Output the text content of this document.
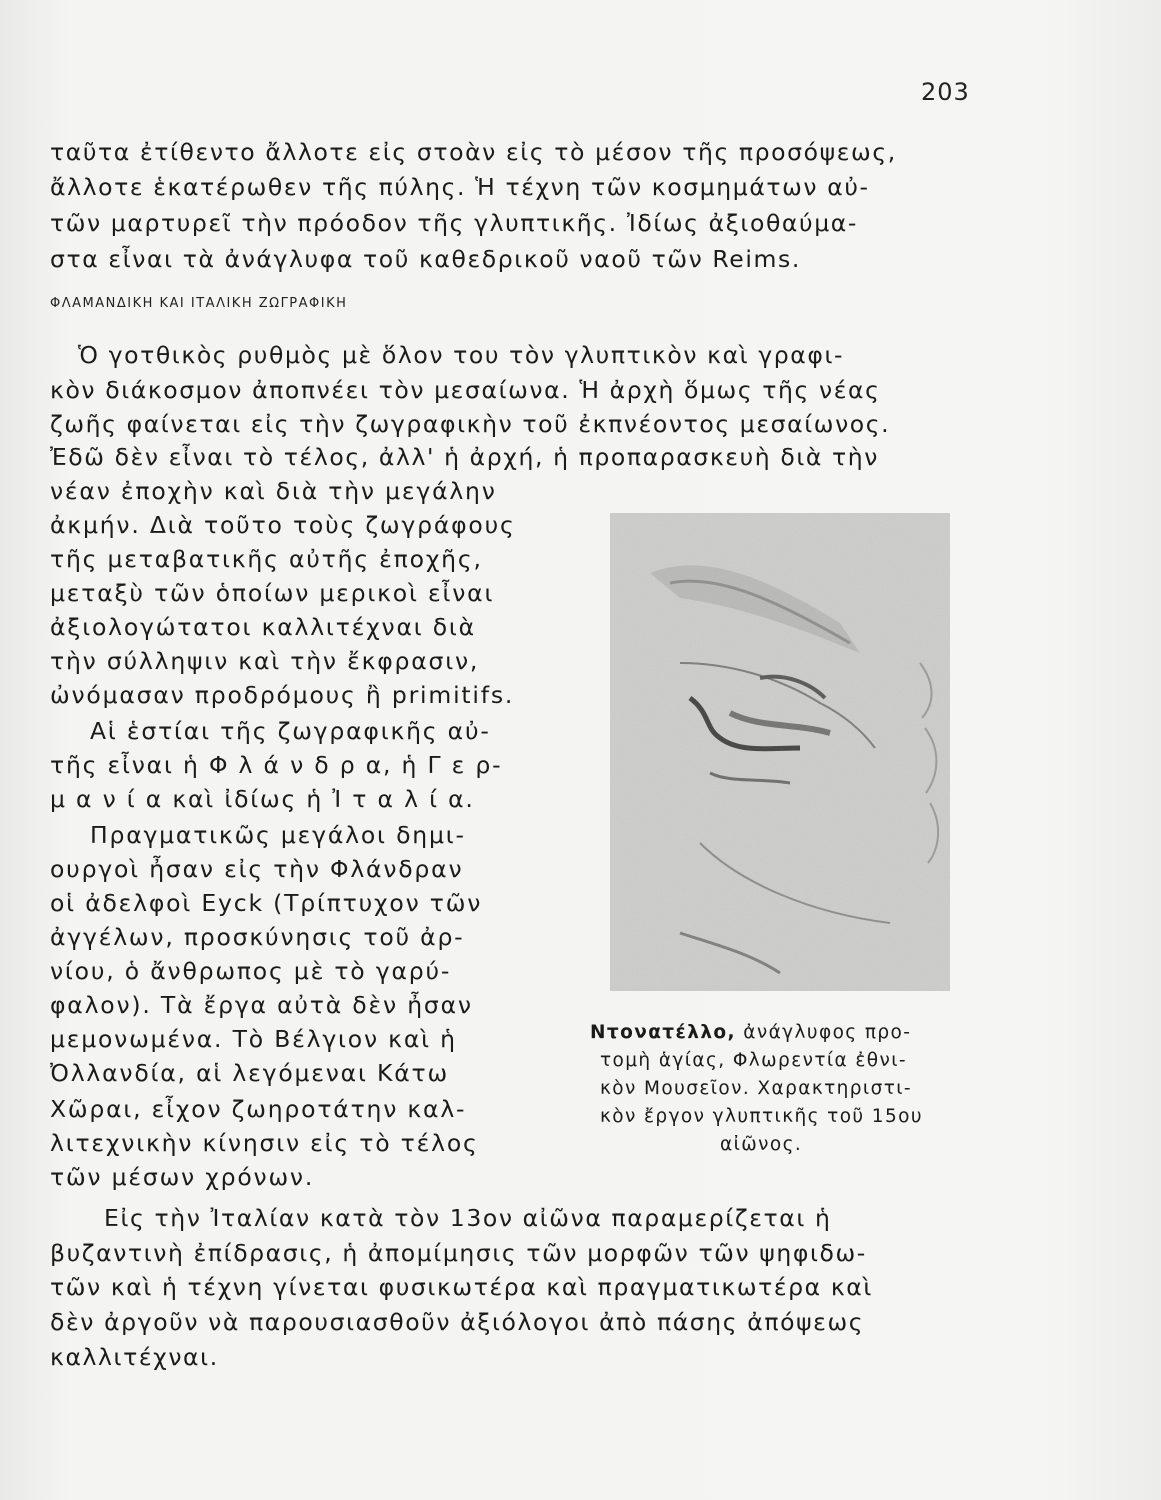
203
ταῦτα ἐτίθεντο ἄλλοτε εἰς στοὰν εἰς τὸ μέσον τῆς προσόψεως,
ἄλλοτε ἑκατέρωθεν τῆς πύλης. Ἡ τέχνη τῶν κοσμημάτων αὐ-
τῶν μαρτυρεῖ τὴν πρόοδον τῆς γλυπτικῆς. Ἰδίως ἀξιοθαύμα-
στα εἶναι τὰ ἀνάγλυφα τοῦ καθεδρικοῦ ναοῦ τῶν Reims.
ΦΛΑΜΑΝΔΙΚΗ ΚΑΙ ΙΤΑΛΙΚΗ ΖΩΓΡΑΦΙΚΗ
Ὁ γοτθικὸς ρυθμὸς μὲ ὅλον του τὸν γλυπτικὸν καὶ γραφι-
κὸν διάκοσμον ἀποπνέει τὸν μεσαίωνα. Ἡ ἀρχὴ ὅμως τῆς νέας
ζωῆς φαίνεται εἰς τὴν ζωγραφικὴν τοῦ ἐκπνέοντος μεσαίωνος.
Ἐδῶ δὲν εἶναι τὸ τέλος, ἀλλ' ἡ ἀρχή, ἡ προπαρασκευὴ διὰ τὴν
νέαν ἐποχὴν καὶ διὰ τὴν μεγάλην
ἀκμήν. Διὰ τοῦτο τοὺς ζωγράφους
τῆς μεταβατικῆς αὐτῆς ἐποχῆς,
μεταξὺ τῶν ὁποίων μερικοὶ εἶναι
ἀξιολογώτατοι καλλιτέχναι διὰ
τὴν σύλληψιν καὶ τὴν ἔκφρασιν,
ὠνόμασαν προδρόμους ἢ primitifs.
Αἱ ἑστίαι τῆς ζωγραφικῆς αὐ-
τῆς εἶναι ἡ Φ λ ά ν δ ρ α, ἡ Γ ε ρ-
μ α ν ί α καὶ ἰδίως ἡ Ἰ τ α λ ί α.
Πραγματικῶς μεγάλοι δημι-
ουργοὶ ἦσαν εἰς τὴν Φλάνδραν
οἱ ἀδελφοὶ Eyck (Τρίπτυχον τῶν
ἀγγέλων, προσκύνησις τοῦ ἀρ-
νίου, ὁ ἄνθρωπος μὲ τὸ γαρύ-
φαλον). Τὰ ἔργα αὐτὰ δὲν ἦσαν
μεμονωμένα. Τὸ Βέλγιον καὶ ἡ
Ὀλλανδία, αἱ λεγόμεναι Κάτω
Χῶραι, εἶχον ζωηροτάτην καλ-
λιτεχνικὴν κίνησιν εἰς τὸ τέλος
τῶν μέσων χρόνων.
Ντονατέλλο, ἀνάγλυφος προ-
τομὴ ἁγίας, Φλωρεντία ἐθνι-
κὸν Μουσεῖον. Χαρακτηριστι-
κὸν ἔργον γλυπτικῆς τοῦ 15ου
αἰῶνος.
Εἰς τὴν Ἰταλίαν κατὰ τὸν 13ον αἰῶνα παραμερίζεται ἡ
βυζαντινὴ ἐπίδρασις, ἡ ἀπομίμησις τῶν μορφῶν τῶν ψηφιδω-
τῶν καὶ ἡ τέχνη γίνεται φυσικωτέρα καὶ πραγματικωτέρα καὶ
δὲν ἀργοῦν νὰ παρουσιασθοῦν ἀξιόλογοι ἀπὸ πάσης ἀπόψεως
καλλιτέχναι.
